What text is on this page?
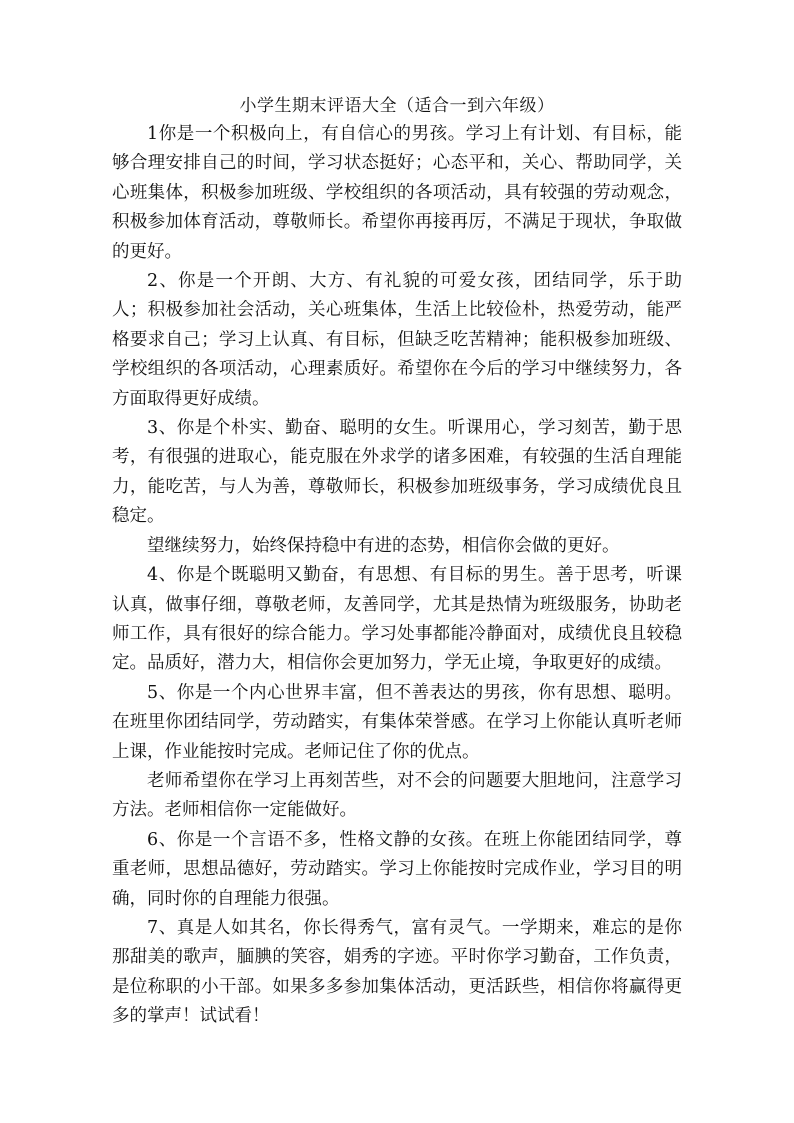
小学生期末评语大全（适合一到六年级）

1你是一个积极向上，有自信心的男孩。学习上有计划、有目标，能够合理安排自己的时间，学习状态挺好；心态平和，关心、帮助同学，关心班集体，积极参加班级、学校组织的各项活动，具有较强的劳动观念，积极参加体育活动，尊敬师长。希望你再接再厉，不满足于现状，争取做的更好。

2、你是一个开朗、大方、有礼貌的可爱女孩，团结同学，乐于助人；积极参加社会活动，关心班集体，生活上比较俭朴，热爱劳动，能严格要求自己；学习上认真、有目标，但缺乏吃苦精神；能积极参加班级、学校组织的各项活动，心理素质好。希望你在今后的学习中继续努力，各方面取得更好成绩。

3、你是个朴实、勤奋、聪明的女生。听课用心，学习刻苦，勤于思考，有很强的进取心，能克服在外求学的诸多困难，有较强的生活自理能力，能吃苦，与人为善，尊敬师长，积极参加班级事务，学习成绩优良且稳定。

望继续努力，始终保持稳中有进的态势，相信你会做的更好。

4、你是个既聪明又勤奋，有思想、有目标的男生。善于思考，听课认真，做事仔细，尊敬老师，友善同学，尤其是热情为班级服务，协助老师工作，具有很好的综合能力。学习处事都能冷静面对，成绩优良且较稳定。品质好，潜力大，相信你会更加努力，学无止境，争取更好的成绩。

5、你是一个内心世界丰富，但不善表达的男孩，你有思想、聪明。在班里你团结同学，劳动踏实，有集体荣誉感。在学习上你能认真听老师上课，作业能按时完成。老师记住了你的优点。

老师希望你在学习上再刻苦些，对不会的问题要大胆地问，注意学习方法。老师相信你一定能做好。

6、你是一个言语不多，性格文静的女孩。在班上你能团结同学，尊重老师，思想品德好，劳动踏实。学习上你能按时完成作业，学习目的明确，同时你的自理能力很强。

7、真是人如其名，你长得秀气，富有灵气。一学期来，难忘的是你那甜美的歌声，腼腆的笑容，娟秀的字迹。平时你学习勤奋，工作负责，是位称职的小干部。如果多多参加集体活动，更活跃些，相信你将赢得更多的掌声！试试看！
